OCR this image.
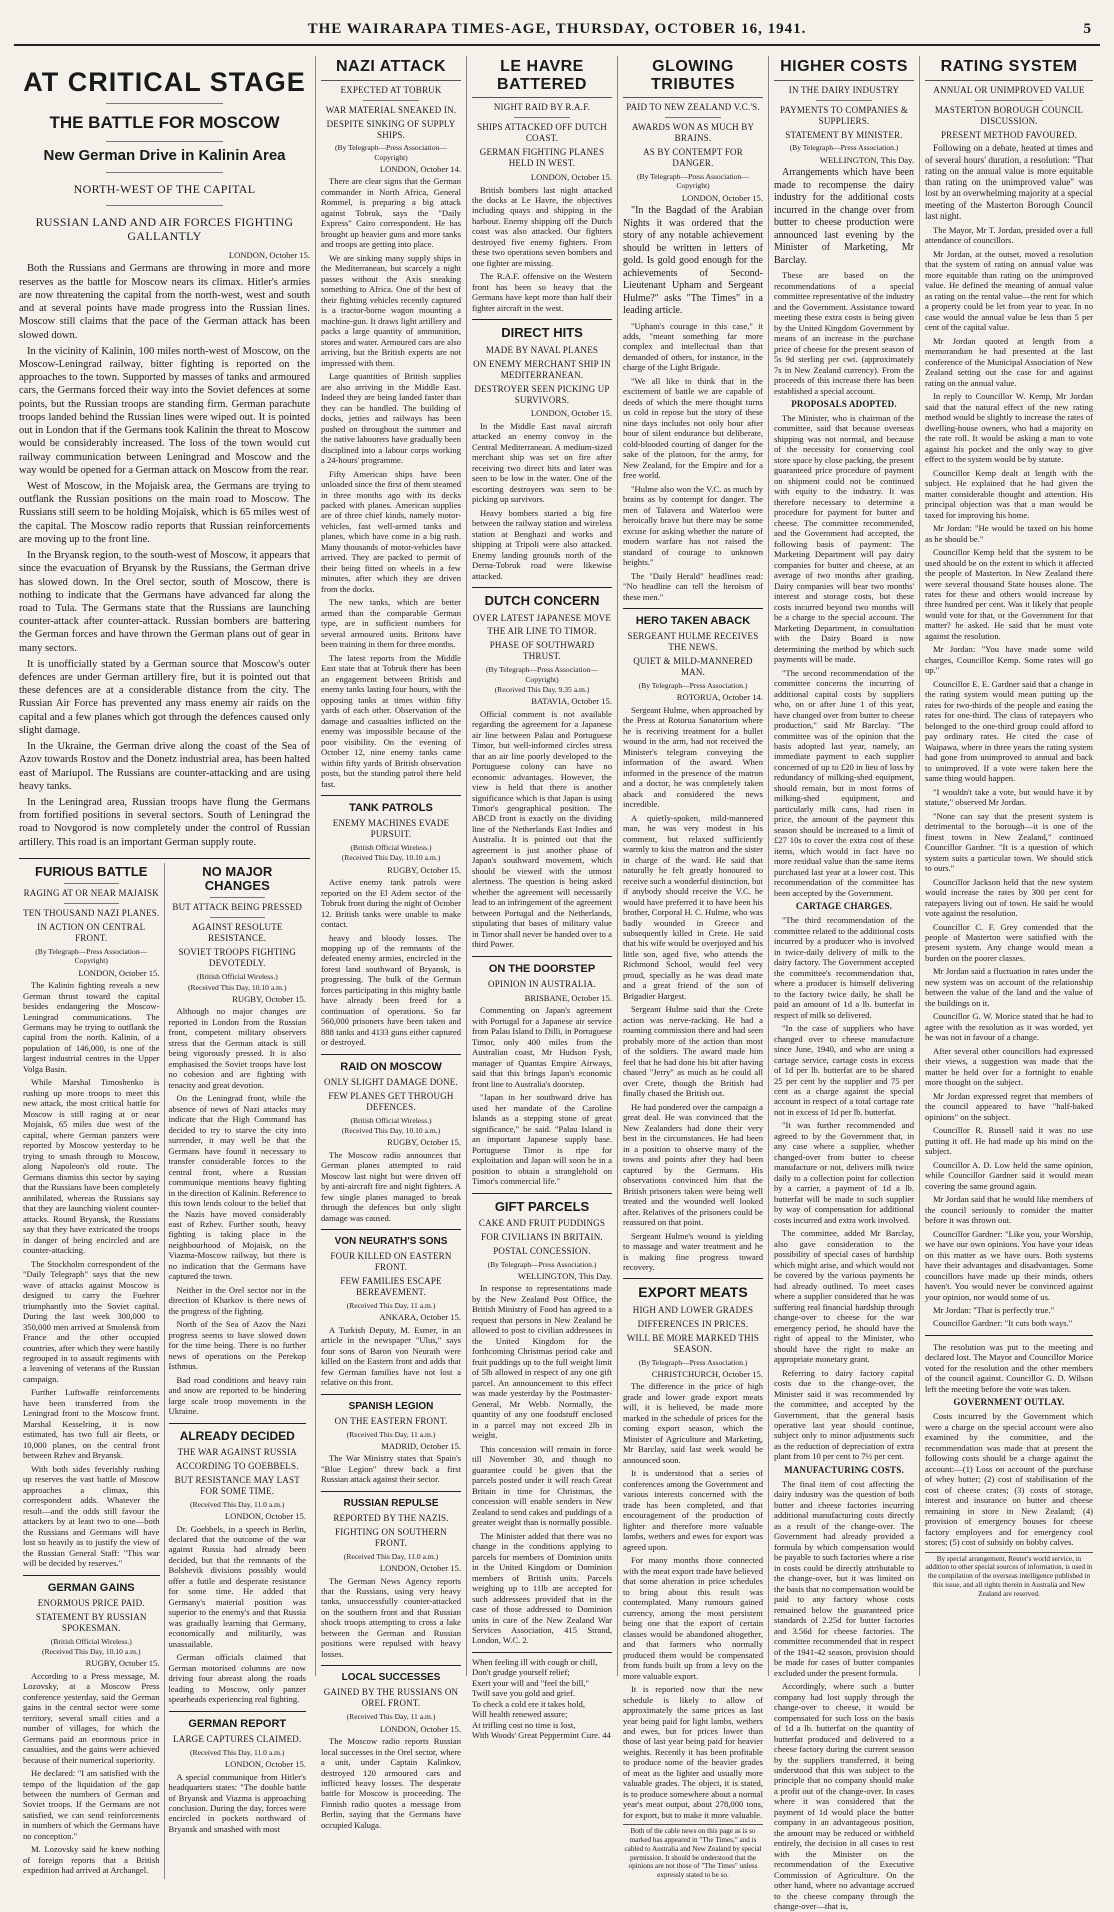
THE WAIRARAPA TIMES-AGE, THURSDAY, OCTOBER 16, 1941.	5
AT CRITICAL STAGE
THE BATTLE FOR MOSCOW
New German Drive in Kalinin Area
NORTH-WEST OF THE CAPITAL
RUSSIAN LAND AND AIR FORCES FIGHTING GALLANTLY
LONDON, October 15.

Both the Russians and Germans are throwing in more and more reserves as the battle for Moscow nears its climax. Hitler's armies are now threatening the capital from the north-west, west and south and at several points have made progress into the Russian lines. Moscow still claims that the pace of the German attack has been slowed down.

In the vicinity of Kalinin, 100 miles north-west of Moscow, on the Moscow-Leningrad railway, bitter fighting is reported on the approaches to the town. Supported by masses of tanks and armoured cars, the Germans forced their way into the Soviet defences at some points, but the Russian troops are standing firm. German parachute troops landed behind the Russian lines were wiped out. It is pointed out in London that if the Germans took Kalinin the threat to Moscow would be considerably increased. The loss of the town would cut railway communication between Leningrad and Moscow and the way would be opened for a German attack on Moscow from the rear.

West of Moscow, in the Mojaisk area, the Germans are trying to outflank the Russian positions on the main road to Moscow. The Russians still seem to be holding Mojaisk, which is 65 miles west of the capital. The Moscow radio reports that Russian reinforcements are moving up to the front line.

In the Bryansk region, to the south-west of Moscow, it appears that since the evacuation of Bryansk by the Russians, the German drive has slowed down. In the Orel sector, south of Moscow, there is nothing to indicate that the Germans have advanced far along the road to Tula. The Germans state that the Russians are launching counter-attack after counter-attack. Russian bombers are battering the German forces and have thrown the German plans out of gear in many sectors.

It is unofficially stated by a German source that Moscow's outer defences are under German artillery fire, but it is pointed out that these defences are at a considerable distance from the city. The Russian Air Force has prevented any mass enemy air raids on the capital and a few planes which got through the defences caused only slight damage.

In the Ukraine, the German drive along the coast of the Sea of Azov towards Rostov and the Donetz industrial area, has been halted east of Mariupol. The Russians are counter-attacking and are using heavy tanks.

In the Leningrad area, Russian troops have flung the Germans from fortified positions in several sectors. South of Leningrad the road to Novgorod is now completely under the control of Russian artillery. This road is an important German supply route.

FURIOUS BATTLE
RAGING AT OR NEAR MAJAISK
TEN THOUSAND NAZI PLANES.
IN ACTION ON CENTRAL FRONT.
(By Telegraph—Press Association—Copyright)
LONDON, October 15.

The Kalinin fighting reveals a new German thrust toward the capital besides endangering the Moscow-Leningrad communications. The Germans may be trying to outflank the capital from the north. Kalinin, of a population of 146,000, is one of the largest industrial centres in the Upper Volga Basin.

While Marshal Timoshenko is rushing up more troops to meet this new attack, the most critical battle for Moscow is still raging at or near Mojaisk, 65 miles due west of the capital, where German panzers were reported by Moscow yesterday to be trying to smash through to Moscow, along Napoleon's old route. The Germans dismiss this sector by saying that the Russians have been completely annihilated, whereas the Russians say that they are launching violent counter-attacks. Round Bryansk, the Russians say that they have extricated the troops in danger of being encircled and are counter-attacking.

The Stockholm correspondent of the "Daily Telegraph" says that the new wave of attacks against Moscow is designed to carry the Fuehrer triumphantly into the Soviet capital. During the last week 300,000 to 350,000 men arrived at Smolensk from France and the other occupied countries, after which they were hastily regrouped in to assault regiments with a leavening of veterans of the Russian campaign.

Further Luftwaffe reinforcements have been transferred from the Leningrad front to the Moscow front. Marshal Kesselring, it is now estimated, has two full air fleets, or 10,000 planes, on the central front between Rzhev and Bryansk.

With both sides feverishly rushing up reserves the vast battle of Moscow approaches a climax, this correspondent adds. Whatever the result—and the odds still favour the attackers by at least two to one—both the Russians and Germans will have lost so heavily as to justify the view of the Russian General Staff: "This war will be decided by reserves."

GERMAN GAINS
ENORMOUS PRICE PAID.
STATEMENT BY RUSSIAN SPOKESMAN.
(British Official Wireless.)
(Received This Day, 10.10 a.m.)
RUGBY, October 15.

According to a Press message, M. Lozovsky, at a Moscow Press conference yesterday, said the German gains in the central sector were some territory, several small cities and a number of villages, for which the Germans paid an enormous price in casualties, and the gains were achieved because of their numerical superiority.

He declared: "I am satisfied with the tempo of the liquidation of the gap between the numbers of German and Soviet troops. If the Germans are not satisfied, we can send reinforcements in numbers of which the Germans have no conception."

M. Lozovsky said he knew nothing of foreign reports that a British expedition had arrived at Archangel.

NO MAJOR CHANGES
BUT ATTACK BEING PRESSED
AGAINST RESOLUTE RESISTANCE.
SOVIET TROOPS FIGHTING DEVOTEDLY.
(British Official Wireless.)
(Received This Day, 10.10 a.m.)
RUGBY, October 15.

Although no major changes are reported in London from the Russian front, competent military observers stress that the German attack is still being vigorously pressed. It is also emphasised the Soviet troops have lost no cohesion and are fighting with tenacity and great devotion.

On the Leningrad front, while the absence of news of Nazi attacks may indicate that the High Command has decided to try to starve the city into surrender, it may well be that the Germans have found it necessary to transfer considerable forces to the central front, where a Russian communique mentions heavy fighting in the direction of Kalinin. Reference to this town lends colour to the belief that the Nazis have moved considerably east of Rzhev. Further south, heavy fighting is taking place in the neighbourhood of Mojaisk, on the Viazma-Moscow railway, but there is no indication that the Germans have captured the town.

Neither in the Orel sector nor in the direction of Kharkov is there news of the progress of the fighting.

North of the Sea of Azov the Nazi progress seems to have slowed down for the time being. There is no further news of operations on the Perekop Isthmus.

Bad road conditions and heavy rain and snow are reported to be hindering large scale troop movements in the Ukraine.

ALREADY DECIDED
THE WAR AGAINST RUSSIA
ACCORDING TO GOEBBELS.
BUT RESISTANCE MAY LAST FOR SOME TIME.
(Received This Day, 11.0 a.m.)
LONDON, October 15.

Dr. Goebbels, in a speech in Berlin, declared that the outcome of the war against Russia had already been decided, but that the remnants of the Bolshevik divisions possibly would offer a futile and desperate resistance for some time. He added that Germany's material position was superior to the enemy's and that Russia was gradually learning that Germany, economically and militarily, was unassailable.

German officials claimed that German motorised columns are now driving four abreast along the roads leading to Moscow, only panzer spearheads experiencing real fighting.

GERMAN REPORT
LARGE CAPTURES CLAIMED.
(Received This Day, 11.0 a.m.)
LONDON, October 15.

A special communique from Hitler's headquarters states: "The double battle of Bryansk and Viazma is approaching conclusion. During the day, forces were encircled in pockets northward of Bryansk and smashed with most

NAZI ATTACK
EXPECTED AT TOBRUK
WAR MATERIAL SNEAKED IN.
DESPITE SINKING OF SUPPLY SHIPS.
(By Telegraph—Press Association—Copyright)
LONDON, October 14.

There are clear signs that the German commander in North Africa, General Rommel, is preparing a big attack against Tobruk, says the "Daily Express" Cairo correspondent. He has brought up heavier guns and more tanks and troops are getting into place.

We are sinking many supply ships in the Mediterranean, but scarcely a night passes without the Axis sneaking something to Africa. One of the best of their fighting vehicles recently captured is a tractor-borne wagon mounting a machine-gun. It draws light artillery and packs a large quantity of ammunition, stores and water. Armoured cars are also arriving, but the British experts are not impressed with them.

Large quantities of British supplies are also arriving in the Middle East. Indeed they are being landed faster than they can be handled. The building of docks, jetties and railways has been pushed on throughout the summer and the native labourers have gradually been disciplined into a labour corps working a 24-hours' programme.

Fifty American ships have been unloaded since the first of them steamed in three months ago with its decks packed with planes. American supplies are of three chief kinds, namely motor-vehicles, fast well-armed tanks and planes, which have come in a big rush. Many thousands of motor-vehicles have arrived. They are packed to permit of their being fitted on wheels in a few minutes, after which they are driven from the docks.

The new tanks, which are better armed than the comparable German type, are in sufficient numbers for several armoured units. Britons have been training in them for three months.

The latest reports from the Middle East state that at Tobruk there has been an engagement between British and enemy tanks lasting four hours, with the opposing tanks at times within fifty yards of each other. Observation of the damage and casualties inflicted on the enemy was impossible because of the poor visibility. On the evening of October 12, nine enemy tanks came within fifty yards of British observation posts, but the standing patrol there held fast.

TANK PATROLS
ENEMY MACHINES EVADE PURSUIT.
(British Official Wireless.)
(Received This Day, 10.10 a.m.)
RUGBY, October 15.

Active enemy tank patrols were reported on the El Adem sector of the Tobruk front during the night of October 12. British tanks were unable to make contact.

heavy and bloody losses. The mopping up of the remnants of the defeated enemy armies, encircled in the forest land southward of Bryansk, is progressing. The bulk of the German forces participating in this mighty battle have already been freed for a continuation of operations. So far 560,000 prisoners have been taken and 888 tanks and 4133 guns either captured or destroyed.

RAID ON MOSCOW
ONLY SLIGHT DAMAGE DONE.
FEW PLANES GET THROUGH DEFENCES.
(British Official Wireless.)
(Received This Day, 10.10 a.m.)
RUGBY, October 15.

The Moscow radio announces that German planes attempted to raid Moscow last night but were driven off by anti-aircraft fire and night fighters. A few single planes managed to break through the defences but only slight damage was caused.

VON NEURATH'S SONS
FOUR KILLED ON EASTERN FRONT.
FEW FAMILIES ESCAPE BEREAVEMENT.
(Received This Day, 11 a.m.)
ANKARA, October 15.

A Turkish Deputy, M. Esmer, in an article in the newspaper "Ulus," says four sons of Baron von Neurath were killed on the Eastern front and adds that few German families have not lost a relative on this front.

SPANISH LEGION
ON THE EASTERN FRONT.
(Received This Day, 11 a.m.)
MADRID, October 15.

The War Ministry states that Spain's "Blue Legion" threw back a first Russian attack against their sector.

RUSSIAN REPULSE
REPORTED BY THE NAZIS.
FIGHTING ON SOUTHERN FRONT.
(Received This Day, 11.0 a.m.)
LONDON, October 15.

The German News Agency reports that the Russians, using very heavy tanks, unsuccessfully counter-attacked on the southern front and that Russian shock troops attempting to cross a lake between the German and Russian positions were repulsed with heavy losses.

LOCAL SUCCESSES
GAINED BY THE RUSSIANS ON OREL FRONT.
(Received This Day, 11 a.m.)
LONDON, October 15.

The Moscow radio reports Russian local successes in the Orel sector, where a unit, under Captain Kalinkov, destroyed 120 armoured cars and inflicted heavy losses. The desperate battle for Moscow is proceeding. The Finnish radio quotes a message from Berlin, saying that the Germans have occupied Kaluga.

LE HAVRE BATTERED
NIGHT RAID BY R.A.F.
SHIPS ATTACKED OFF DUTCH COAST.
GERMAN FIGHTING PLANES HELD IN WEST.
LONDON, October 15.

British bombers last night attacked the docks at Le Havre, the objectives including quays and shipping in the harbour. Enemy shipping off the Dutch coast was also attacked. Our fighters destroyed five enemy fighters. From these two operations seven bombers and one fighter are missing.

The R.A.F. offensive on the Western front has been so heavy that the Germans have kept more than half their fighter aircraft in the west.

DIRECT HITS
MADE BY NAVAL PLANES
ON ENEMY MERCHANT SHIP IN MEDITERRANEAN.
DESTROYER SEEN PICKING UP SURVIVORS.
LONDON, October 15.

In the Middle East naval aircraft attacked an enemy convoy in the Central Mediterranean. A medium-sized merchant ship was set on fire after receiving two direct hits and later was seen to be low in the water. One of the escorting destroyers was seen to be picking up survivors.

Heavy bombers started a big fire between the railway station and wireless station at Benghazi and works and shipping at Tripoli were also attacked. Enemy landing grounds north of the Derna-Tobruk road were likewise attacked.

DUTCH CONCERN
OVER LATEST JAPANESE MOVE
THE AIR LINE TO TIMOR.
PHASE OF SOUTHWARD THRUST.
(By Telegraph—Press Association—Copyright)
(Received This Day, 9.35 a.m.)
BATAVIA, October 15.

Official comment is not available regarding the agreement for a Japanese air line between Palau and Portuguese Timor, but well-informed circles stress that an air line poorly developed to the Portuguese colony can have no economic advantages. However, the view is held that there is another significance which is that Japan is using Timor's geographical position. The ABCD front is exactly on the dividing line of the Netherlands East Indies and Australia. It is pointed out that the agreement is just another phase of Japan's southward movement, which should be viewed with the utmost alertness. The question is being asked whether the agreement will necessarily lead to an infringement of the agreement between Portugal and the Netherlands, stipulating that bases of military value in Timor shall never be handed over to a third Power.

ON THE DOORSTEP
OPINION IN AUSTRALIA.
BRISBANE, October 15.

Commenting on Japan's agreement with Portugal for a Japanese air service from Palau Island to Dilli, in Portuguese Timor, only 400 miles from the Australian coast, Mr Hudson Fysh, manager of Quantas Empire Airways, said that this brings Japan's economic front line to Australia's doorstep.

"Japan in her southward drive has used her mandate of the Caroline Islands as a stepping stone of great significance," he said. "Palau Island is an important Japanese supply base. Portuguese Timor is ripe for exploitation and Japan will soon be in a position to obtain a stranglehold on Timor's commercial life."

GIFT PARCELS
CAKE AND FRUIT PUDDINGS
FOR CIVILIANS IN BRITAIN.
POSTAL CONCESSION.
(By Telegraph—Press Association.)
WELLINGTON, This Day.

In response to representations made by the New Zealand Post Office, the British Ministry of Food has agreed to a request that persons in New Zealand be allowed to post to civilian addressees in the United Kingdom for the forthcoming Christmas period cake and fruit puddings up to the full weight limit of 5lb allowed in respect of any one gift parcel. An announcement to this effect was made yesterday by the Postmaster-General, Mr Webb. Normally, the quantity of any one foodstuff enclosed in a parcel may not exceed 2lb in weight.

This concession will remain in force till November 30, and though no guarantee could be given that the parcels posted under it will reach Great Britain in time for Christmas, the concession will enable senders in New Zealand to send cakes and puddings of a greater weight than is normally possible.

The Minister added that there was no change in the conditions applying to parcels for members of Dominion units in the United Kingdom or Dominion members of British units. Parcels weighing up to 11lb are accepted for such addressees provided that in the case of those addressed to Dominion units in care of the New Zealand War Services Association, 415 Strand, London, W.C. 2.

When feeling ill with cough or chill,
Don't grudge yourself relief;
Exert your will and "feel the bill,"
Twill save you gold and grief.
To check a cold ere it takes hold,
Will health renewed assure;
At trifling cost no time is lost,
With Woods' Great Peppermint Cure. 44
GLOWING TRIBUTES
PAID TO NEW ZEALAND V.C.'S.
AWARDS WON AS MUCH BY BRAINS.
AS BY CONTEMPT FOR DANGER.
(By Telegraph—Press Association—Copyright)
LONDON, October 15.

"In the Bagdad of the Arabian Nights it was ordered that the story of any notable achievement should be written in letters of gold. Is gold good enough for the achievements of Second-Lieutenant Upham and Sergeant Hulme?" asks "The Times" in a leading article.

"Upham's courage in this case," it adds, "meant something far more complex and intellectual than that demanded of others, for instance, in the charge of the Light Brigade.

"We all like to think that in the excitement of battle we are capable of deeds of which the mere thought turns us cold in repose but the story of these nine days includes not only hour after hour of silent endurance but deliberate, cold-blooded courting of danger for the sake of the platoon, for the army, for New Zealand, for the Empire and for a free world.

"Hulme also won the V.C. as much by brains as by contempt for danger. The men of Talavera and Waterloo were heroically brave but there may be some excuse for asking whether the nature of modern warfare has not raised the standard of courage to unknown heights."

The "Daily Herald" headlines read: "No headline can tell the heroism of these men."

HERO TAKEN ABACK
SERGEANT HULME RECEIVES THE NEWS.
QUIET & MILD-MANNERED MAN.
(By Telegraph—Press Association.)
ROTORUA, October 14.

Sergeant Hulme, when approached by the Press at Rotorua Sanatorium where he is receiving treatment for a bullet wound in the arm, had not received the Minister's telegram conveying the information of the award. When informed in the presence of the matron and a doctor, he was completely taken aback and considered the news incredible.

A quietly-spoken, mild-mannered man, he was very modest in his comment, but relaxed sufficiently warmly to kiss the matron and the sister in charge of the ward. He said that naturally he felt greatly honoured to receive such a wonderful distinction, but if anybody should receive the V.C. he would have preferred it to have been his brother, Corporal H. C. Hulme, who was badly wounded in Greece and subsequently killed in Crete. He said that his wife would be overjoyed and his little son, aged five, who attends the Richmond School, would feel very proud, specially as he was dead mate and a great friend of the son of Brigadier Hargest.

Sergeant Hulme said that the Crete action was nerve-racking. He had a roaming commission there and had seen probably more of the action than most of the soldiers. The award made him feel that he had done his bit after having chased "Jerry" as much as he could all over Crete, though the British had finally chased the British out.

He had pondered over the campaign a great deal. He was convinced that the New Zealanders had done their very best in the circumstances. He had been in a position to observe many of the towns and points after they had been captured by the Germans. His observations convinced him that the British prisoners taken were being well treated and the wounded well looked after. Relatives of the prisoners could be reassured on that point.

Sergeant Hulme's wound is yielding to massage and water treatment and he is making fine progress toward recovery.

EXPORT MEATS
HIGH AND LOWER GRADES
DIFFERENCES IN PRICES.
WILL BE MORE MARKED THIS SEASON.
(By Telegraph—Press Association.)
CHRISTCHURCH, October 15.

The difference in the price of high grade and lower grade export meats will, it is believed, be made more marked in the schedule of prices for the coming export season, which the Minister of Agriculture and Marketing, Mr Barclay, said last week would be announced soon.

It is understood that a series of conferences among the Government and various interests concerned with the trade has been completed, and that encouragement of the production of lighter and therefore more valuable lambs, wethers and ewes for export was agreed upon.

For many months those connected with the meat export trade have believed that some alteration in price schedules to bring about this result was contemplated. Many rumours gained currency, among the most persistent being one that the export of certain classes would be abandoned altogether, and that farmers who normally produced them would be compensated from funds built up from a levy on the more valuable export.

It is reported now that the new schedule is likely to allow of approximately the same prices as last year being paid for light lambs, wethers and ewes, but for prices lower than those of last year being paid for heavier weights. Recently it has been profitable to produce some of the heavier grades of meat as the lighter and usually more valuable grades. The object, it is stated, is to produce somewhere about a normal year's meat output, about 278,000 tons, for export, but to make it more valuable.

Both of the cable news on this page as is so marked has appeared in "The Times," and is cabled to Australia and New Zealand by special permission. It should be understood that the opinions are not those of "The Times" unless expressly stated to be so.
HIGHER COSTS
IN THE DAIRY INDUSTRY
PAYMENTS TO COMPANIES & SUPPLIERS.
STATEMENT BY MINISTER.
(By Telegraph—Press Association.)
WELLINGTON, This Day.

Arrangements which have been made to recompense the dairy industry for the additional costs incurred in the change over from butter to cheese production were announced last evening by the Minister of Marketing, Mr Barclay.

These are based on the recommendations of a special committee representative of the industry and the Government. Assistance toward meeting these extra costs is being given by the United Kingdom Government by means of an increase in the purchase price of cheese for the present season of 5s 9d sterling per cwt. (approximately 7s in New Zealand currency). From the proceeds of this increase there has been established a special account.

PROPOSALS ADOPTED.

The Minister, who is chairman of the committee, said that because overseas shipping was not normal, and because of the necessity for conserving cool store space by close packing, the present guaranteed price procedure of payment on shipment could not be continued with equity to the industry. It was therefore necessary to determine a procedure for payment for butter and cheese. The committee recommended, and the Government had accepted, the following basis of payment: The Marketing Department will pay dairy companies for butter and cheese, at an average of two months after grading. Dairy companies will bear two months' interest and storage costs, but these costs incurred beyond two months will be a charge to the special account. The Marketing Department, in consultation with the Dairy Board is now determining the method by which such payments will be made.

"The second recommendation of the committee concerns the incurring of additional capital costs by suppliers who, on or after June 1 of this year, have changed over from butter to cheese production," said Mr Barclay. "The committee was of the opinion that the basis adopted last year, namely, an immediate payment to each supplier concerned of up to £20 in lieu of loss by redundancy of milking-shed equipment, should remain, but in most forms of milking-shed equipment, and particularly milk cans, had risen in price, the amount of the payment this season should be increased to a limit of £27 10s to cover the extra cost of these items, which would in fact have no more residual value than the same items purchased last year at a lower cost. This recommendation of the committee has been accepted by the Government.

CARTAGE CHARGES.

"The third recommendation of the committee related to the additional costs incurred by a producer who is involved in twice-daily delivery of milk to the dairy factory. The Government accepted the committee's recommendation that, where a producer is himself delivering to the factory twice daily, he shall be paid an amount of 1d a lb. butterfat in respect of milk so delivered.

"In the case of suppliers who have changed over to cheese manufacture since June, 1940, and who are using a cartage service, cartage costs in excess of 1d per lb. butterfat are to be shared 25 per cent by the supplier and 75 per cent as a charge against the special account in respect of a total cartage rate not in excess of 1d per lb. butterfat.

"It was further recommended and agreed to by the Government that, in any case where a supplier, whether changed-over from butter to cheese manufacture or not, delivers milk twice daily to a collection point for collection by a carrier, a payment of 1d a lb. butterfat will be made to such supplier by way of compensation for additional costs incurred and extra work involved.

The committee, added Mr Barclay, also gave consideration to the possibility of special cases of hardship which might arise, and which would not be covered by the various payments he had already outlined. To meet cases where a supplier considered that he was suffering real financial hardship through change-over to cheese for the war emergency period, he should have the right of appeal to the Minister, who should have the right to make an appropriate monetary grant.

Referring to dairy factory capital costs due to the change-over, the Minister said it was recommended by the committee, and accepted by the Government, that the general basis operative last year should continue, subject only to minor adjustments such as the reduction of depreciation of extra plant from 10 per cent to 7½ per cent.

MANUFACTURING COSTS.

The final item of cost affecting the dairy industry was the question of both butter and cheese factories incurring additional manufacturing costs directly as a result of the change-over. The Government had already provided a formula by which compensation would be payable to such factories where a rise in costs could be directly attributable to the change-over, but it was limited on the basis that no compensation would be paid to any factory whose costs remained below the guaranteed price standards of 2.25d for butter factories and 3.56d for cheese factories. The committee recommended that in respect of the 1941-42 season, provision should be made for cases of butter companies excluded under the present formula.

Accordingly, where such a butter company had lost supply through the change-over to cheese, it would be compensated for such loss on the basis of 1d a lb. butterfat on the quantity of butterfat produced and delivered to a cheese factory during the current season by the suppliers transferred, it being understood that this was subject to the principle that no company should make a profit out of the change-over. In cases where it was considered that the payment of 1d would place the butter company in an advantageous position, the amount may be reduced or withheld entirely, the decision in all cases to rest with the Minister on the recommendation of the Executive Commission of Agriculture. On the other hand, where no advantage accrued to the cheese company through the change-over—that is,

RATING SYSTEM
ANNUAL OR UNIMPROVED VALUE
MASTERTON BOROUGH COUNCIL DISCUSSION.
PRESENT METHOD FAVOURED.

Following on a debate, heated at times and of several hours' duration, a resolution: "That rating on the annual value is more equitable than rating on the unimproved value" was lost by an overwhelming majority at a special meeting of the Masterton Borough Council last night.

The Mayor, Mr T. Jordan, presided over a full attendance of councillors.

Mr Jordan, at the outset, moved a resolution that the system of rating on annual value was more equitable than rating on the unimproved value. He defined the meaning of annual value as rating on the rental value—the rent for which a property could be let from year to year. In no case would the annual value be less than 5 per cent of the capital value.

Mr Jordan quoted at length from a memorandum he had presented at the last conference of the Municipal Association of New Zealand setting out the case for and against rating on the annual value.

In reply to Councillor W. Kemp, Mr Jordan said that the natural effect of the new rating method would be slightly to increase the rates of dwelling-house owners, who had a majority on the rate roll. It would be asking a man to vote against his pocket and the only way to give effect to the system would be by statute.

Councillor Kemp dealt at length with the subject. He explained that he had given the matter considerable thought and attention. His principal objection was that a man would be taxed for improving his home.

Mr Jordan: "He would be taxed on his home as he should be."

Councillor Kemp held that the system to be used should be on the extent to which it affected the people of Masterton. In New Zealand there were several thousand State houses alone. The rates for these and others would increase by three hundred per cent. Was it likely that people would vote for that, or the Government for that matter? he asked. He said that he must vote against the resolution.

Mr Jordan: "You have made some wild charges, Councillor Kemp. Some rates will go up."

Councillor E. E. Gardner said that a change in the rating system would mean putting up the rates for two-thirds of the people and easing the rates for one-third. The class of ratepayers who belonged to the one-third group could afford to pay ordinary rates. He cited the case of Waipawa, where in three years the rating system had gone from unimproved to annual and back to unimproved. If a vote were taken here the same thing would happen.

"I wouldn't take a vote, but would have it by statute," observed Mr Jordan.

"None can say that the present system is detrimental to the borough—it is one of the finest towns in New Zealand," continued Councillor Gardner. "It is a question of which system suits a particular town. We should stick to ours."

Councillor Jackson held that the new system would increase the rates by 300 per cent for ratepayers living out of town. He said he would vote against the resolution.

Councillor C. F. Grey contended that the people of Masterton were satisfied with the present system. Any change would mean a burden on the poorer classes.

Mr Jordan said a fluctuation in rates under the new system was on account of the relationship between the value of the land and the value of the buildings on it.

Councillor G. W. Morice stated that he had to agree with the resolution as it was worded, yet he was not in favour of a change.

After several other councillors had expressed their views, a suggestion was made that the matter be held over for a fortnight to enable more thought on the subject.

Mr Jordan expressed regret that members of the council appeared to have "half-baked opinions" on the subject.

Councillor R. Russell said it was no use putting it off. He had made up his mind on the subject.

Councillor A. D. Low held the same opinion, while Councillor Gardner said it would mean covering the same ground again.

Mr Jordan said that he would like members of the council seriously to consider the matter before it was thrown out.

Councillor Gardner: "Like you, your Worship, we have our own opinions. You have your ideas on this matter as we have ours. Both systems have their advantages and disadvantages. Some councillors have made up their minds, others haven't. You would never be convinced against your opinion, nor would some of us.

Mr Jordan: "That is perfectly true."

Councillor Gardner: "It cuts both ways."

The resolution was put to the meeting and declared lost. The Mayor and Councillor Morice voted for the resolution and the other members of the council against. Councillor G. D. Wilson left the meeting before the vote was taken.

GOVERNMENT OUTLAY.

Costs incurred by the Government which were a charge on the special account were also examined by the committee, and the recommendation was made that at present the following costs should be a charge against the account:—(1) Loss on account of the purchase of whey butter; (2) cost of stabilisation of the cost of cheese crates; (3) costs of storage, interest and insurance on butter and cheese remaining in store in New Zealand; (4) provision of emergency houses for cheese factory employees and for emergency cool stores; (5) cost of subsidy on bobby calves.

By special arrangement, Reuter's world service, in addition to other special sources of information, is used in the compilation of the overseas intelligence published in this issue, and all rights therein in Australia and New Zealand are reserved.
